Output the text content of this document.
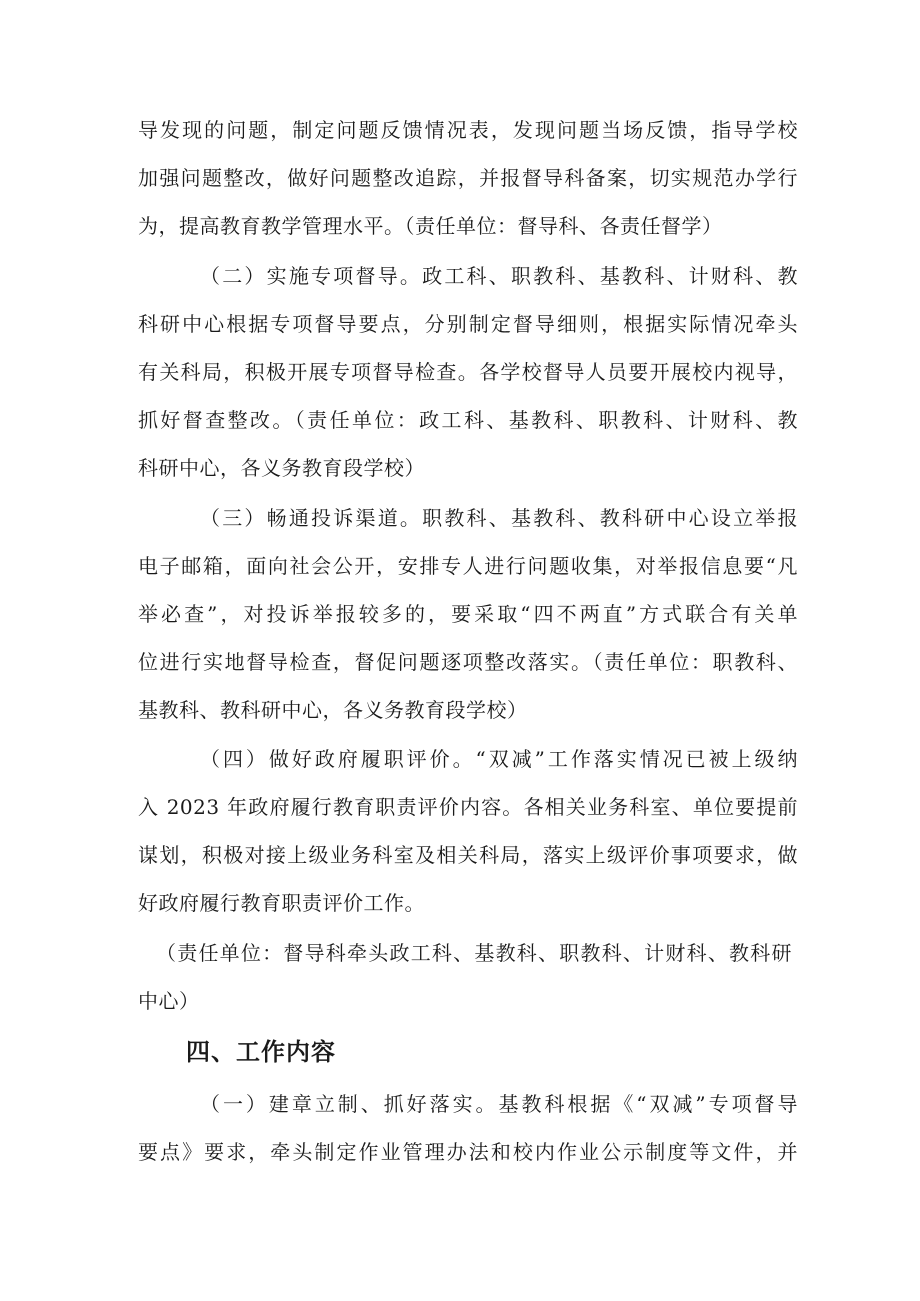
导发现的问题，制定问题反馈情况表，发现问题当场反馈，指导学校
加强问题整改，做好问题整改追踪，并报督导科备案，切实规范办学行
为，提高教育教学管理水平。（责任单位：督导科、各责任督学）
（二）实施专项督导。政工科、职教科、基教科、计财科、教
科研中心根据专项督导要点，分别制定督导细则，根据实际情况牵头
有关科局，积极开展专项督导检查。各学校督导人员要开展校内视导，
抓好督查整改。（责任单位：政工科、基教科、职教科、计财科、教
科研中心，各义务教育段学校）
（三）畅通投诉渠道。职教科、基教科、教科研中心设立举报
电子邮箱，面向社会公开，安排专人进行问题收集，对举报信息要“凡
举必查”，对投诉举报较多的，要采取“四不两直”方式联合有关单
位进行实地督导检查，督促问题逐项整改落实。（责任单位：职教科、
基教科、教科研中心，各义务教育段学校）
（四）做好政府履职评价。“双减”工作落实情况已被上级纳
入 2023 年政府履行教育职责评价内容。各相关业务科室、单位要提前
谋划，积极对接上级业务科室及相关科局，落实上级评价事项要求，做
好政府履行教育职责评价工作。
（责任单位：督导科牵头政工科、基教科、职教科、计财科、教科研
中心）
四、工作内容
（一）建章立制、抓好落实。基教科根据《“双减”专项督导
要点》要求，牵头制定作业管理办法和校内作业公示制度等文件，并
